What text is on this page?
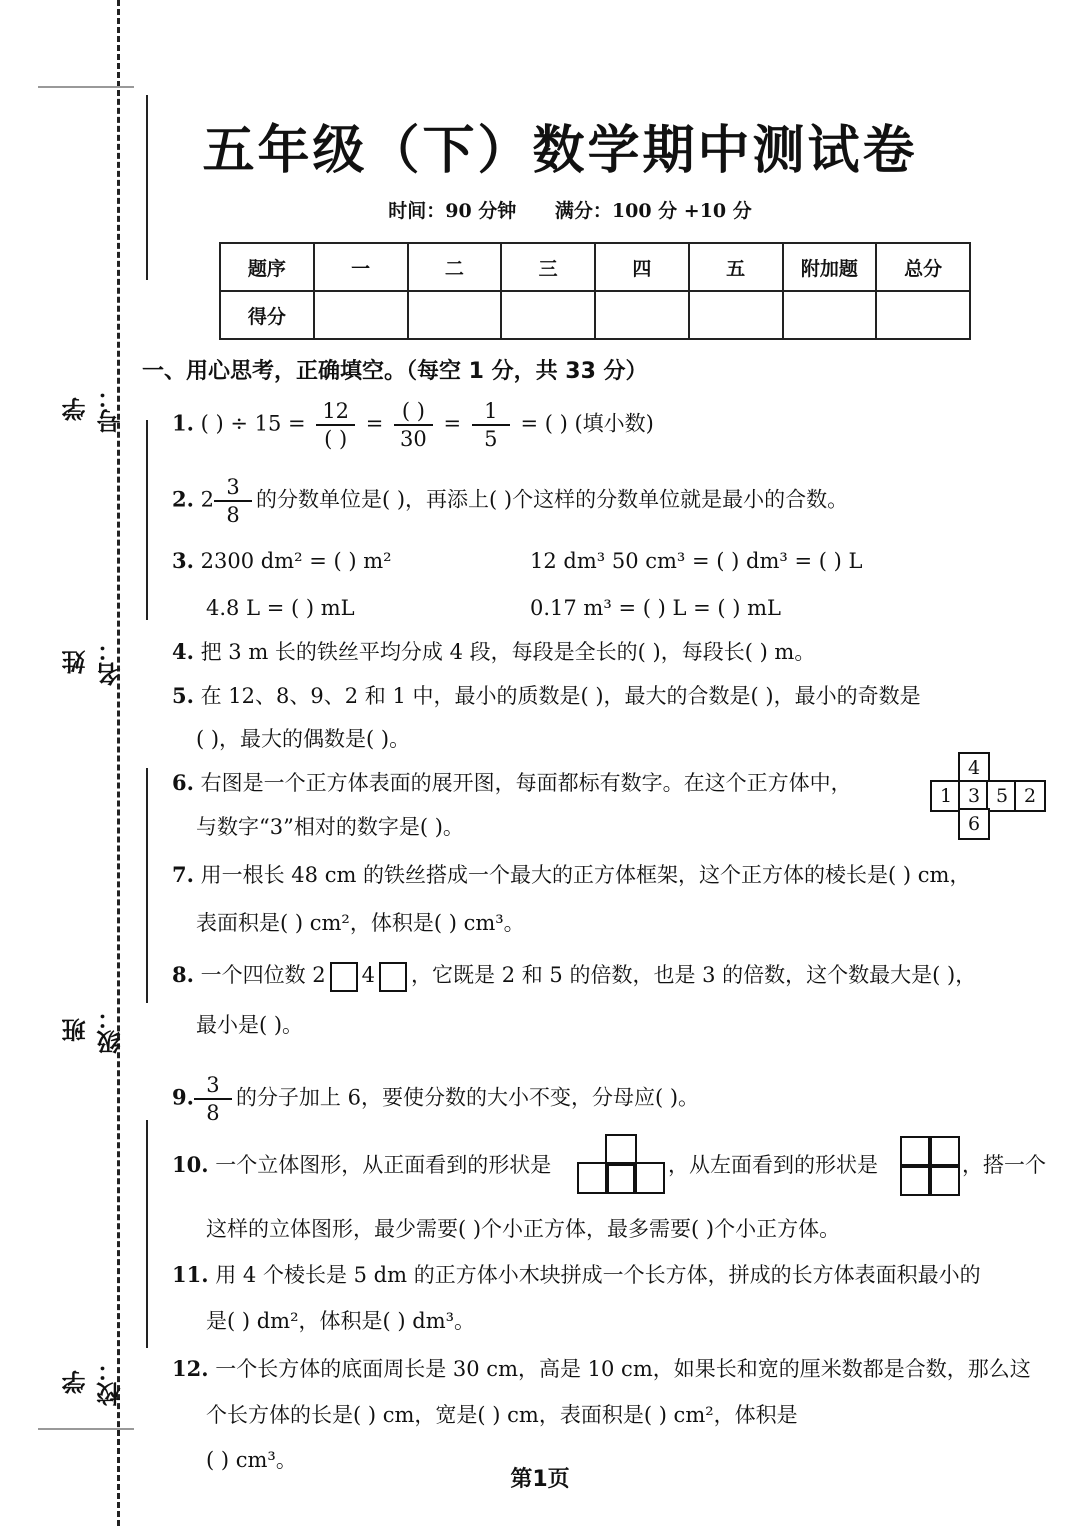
学号：
姓名：
班级：
学校：
五年级（下）数学期中测试卷
时间：90 分钟 满分：100 分 +10 分
题序	一	二	三	四	五	附加题	总分
得分							
一、用心思考，正确填空。（每空 1 分，共 33 分）
1. ( ) ÷ $15 = \frac{12}{( )} = \frac{( )}{30} = \frac{1}{5}$ = ( ) (填小数)
2. $2 \frac{3}{8}$ 的分数单位是( )，再添上( )个这样的分数单位就是最小的合数。
3. 2300 dm² = ( ) m²	12 dm³ 50 cm³ = ( ) dm³ = ( ) L
4.8 L = ( ) mL	0.17 m³ = ( ) L = ( ) mL
4. 把 3 m 长的铁丝平均分成 4 段，每段是全长的( )，每段长( ) m。
5. 在 12、8、9、2 和 1 中，最小的质数是( )，最大的合数是( )，最小的奇数是
( )，最大的偶数是( )。
6. 右图是一个正方体表面的展开图，每面都标有数字。在这个正方体中，
与数字“3”相对的数字是( )。
4
1 3 5 2
6
7. 用一根长 48 cm 的铁丝搭成一个最大的正方体框架，这个正方体的棱长是( ) cm，
表面积是( ) cm²，体积是( ) cm³。
8. 一个四位数 2 4 ，它既是 2 和 5 的倍数，也是 3 的倍数，这个数最大是( )，
最小是( )。
9. $\frac{3}{8}$ 的分子加上 6，要使分数的大小不变，分母应( )。
10. 一个立体图形，从正面看到的形状是	，从左面看到的形状是	，搭一个
这样的立体图形，最少需要( )个小正方体，最多需要( )个小正方体。
11. 用 4 个棱长是 5 dm 的正方体小木块拼成一个长方体，拼成的长方体表面积最小的
是( ) dm²，体积是( ) dm³。
12. 一个长方体的底面周长是 30 cm，高是 10 cm，如果长和宽的厘米数都是合数，那么这
个长方体的长是( ) cm，宽是( ) cm，表面积是( ) cm²，体积是
( ) cm³。
第1页
